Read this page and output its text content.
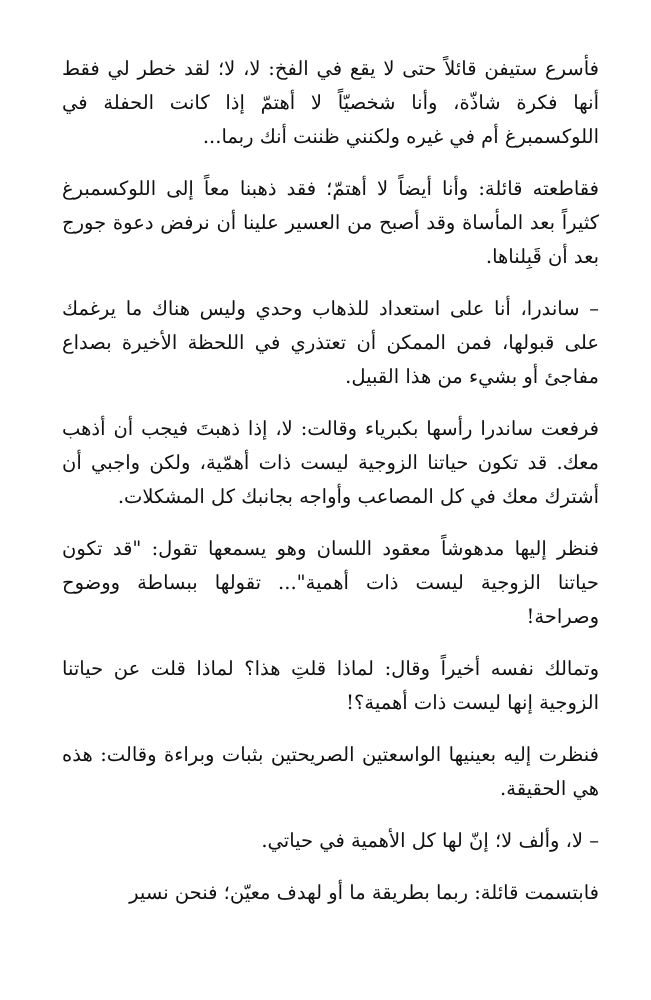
فأسرع ستيفن قائلاً حتى لا يقع في الفخ: لا، لا؛ لقد خطر لي فقط أنها فكرة شاذّة، وأنا شخصيّاً لا أهتمّ إذا كانت الحفلة في اللوكسمبرغ أم في غيره ولكنني ظننت أنك ربما...

فقاطعته قائلة: وأنا أيضاً لا أهتمّ؛ فقد ذهبنا معاً إلى اللوكسمبرغ كثيراً بعد المأساة وقد أصبح من العسير علينا أن نرفض دعوة جورج بعد أن قَبِلناها.

– ساندرا، أنا على استعداد للذهاب وحدي وليس هناك ما يرغمك على قبولها، فمن الممكن أن تعتذري في اللحظة الأخيرة بصداع مفاجئ أو بشيء من هذا القبيل.

فرفعت ساندرا رأسها بكبرياء وقالت: لا، إذا ذهبتَ فيجب أن أذهب معك. قد تكون حياتنا الزوجية ليست ذات أهمّية، ولكن واجبي أن أشترك معك في كل المصاعب وأواجه بجانبك كل المشكلات.

فنظر إليها مدهوشاً معقود اللسان وهو يسمعها تقول: "قد تكون حياتنا الزوجية ليست ذات أهمية"... تقولها ببساطة ووضوح وصراحة!

وتمالك نفسه أخيراً وقال: لماذا قلتِ هذا؟ لماذا قلت عن حياتنا الزوجية إنها ليست ذات أهمية؟!

فنظرت إليه بعينيها الواسعتين الصريحتين بثبات وبراءة وقالت: هذه هي الحقيقة.

– لا، وألف لا؛ إنّ لها كل الأهمية في حياتي.

فابتسمت قائلة: ربما بطريقة ما أو لهدف معيّن؛ فنحن نسير
